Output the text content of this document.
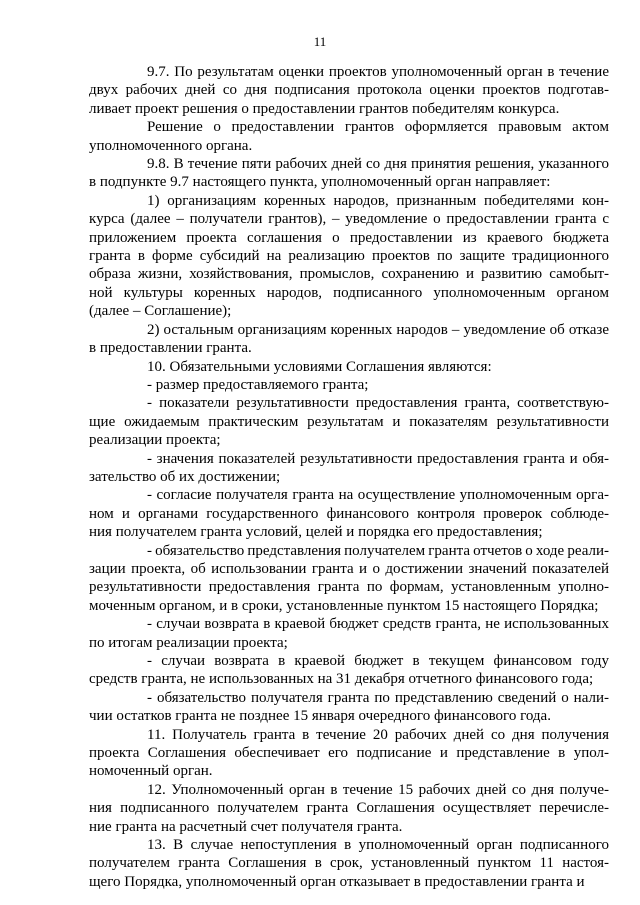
11
9.7. По результатам оценки проектов уполномоченный орган в течение
двух рабочих дней со дня подписания протокола оценки проектов подготав-
ливает проект решения о предоставлении грантов победителям конкурса.
Решение о предоставлении грантов оформляется правовым актом
уполномоченного органа.
9.8. В течение пяти рабочих дней со дня принятия решения, указанного
в подпункте 9.7 настоящего пункта, уполномоченный орган направляет:
1) организациям коренных народов, признанным победителями кон-
курса (далее – получатели грантов), – уведомление о предоставлении гранта с
приложением проекта соглашения о предоставлении из краевого бюджета
гранта в форме субсидий на реализацию проектов по защите традиционного
образа жизни, хозяйствования, промыслов, сохранению и развитию самобыт-
ной культуры коренных народов, подписанного уполномоченным органом
(далее – Соглашение);
2) остальным организациям коренных народов – уведомление об отказе
в предоставлении гранта.
10. Обязательными условиями Соглашения являются:
- размер предоставляемого гранта;
- показатели результативности предоставления гранта, соответствую-
щие ожидаемым практическим результатам и показателям результативности
реализации проекта;
- значения показателей результативности предоставления гранта и обя-
зательство об их достижении;
- согласие получателя гранта на осуществление уполномоченным орга-
ном и органами государственного финансового контроля проверок соблюде-
ния получателем гранта условий, целей и порядка его предоставления;
- обязательство представления получателем гранта отчетов о ходе реали-
зации проекта, об использовании гранта и о достижении значений показателей
результативности предоставления гранта по формам, установленным уполно-
моченным органом, и в сроки, установленные пунктом 15 настоящего Порядка;
- случаи возврата в краевой бюджет средств гранта, не использованных
по итогам реализации проекта;
- случаи возврата в краевой бюджет в текущем финансовом году
средств гранта, не использованных на 31 декабря отчетного финансового года;
- обязательство получателя гранта по представлению сведений о нали-
чии остатков гранта не позднее 15 января очередного финансового года.
11. Получатель гранта в течение 20 рабочих дней со дня получения
проекта Соглашения обеспечивает его подписание и представление в упол-
номоченный орган.
12. Уполномоченный орган в течение 15 рабочих дней со дня получе-
ния подписанного получателем гранта Соглашения осуществляет перечисле-
ние гранта на расчетный счет получателя гранта.
13. В случае непоступления в уполномоченный орган подписанного
получателем гранта Соглашения в срок, установленный пунктом 11 настоя-
щего Порядка, уполномоченный орган отказывает в предоставлении гранта и
